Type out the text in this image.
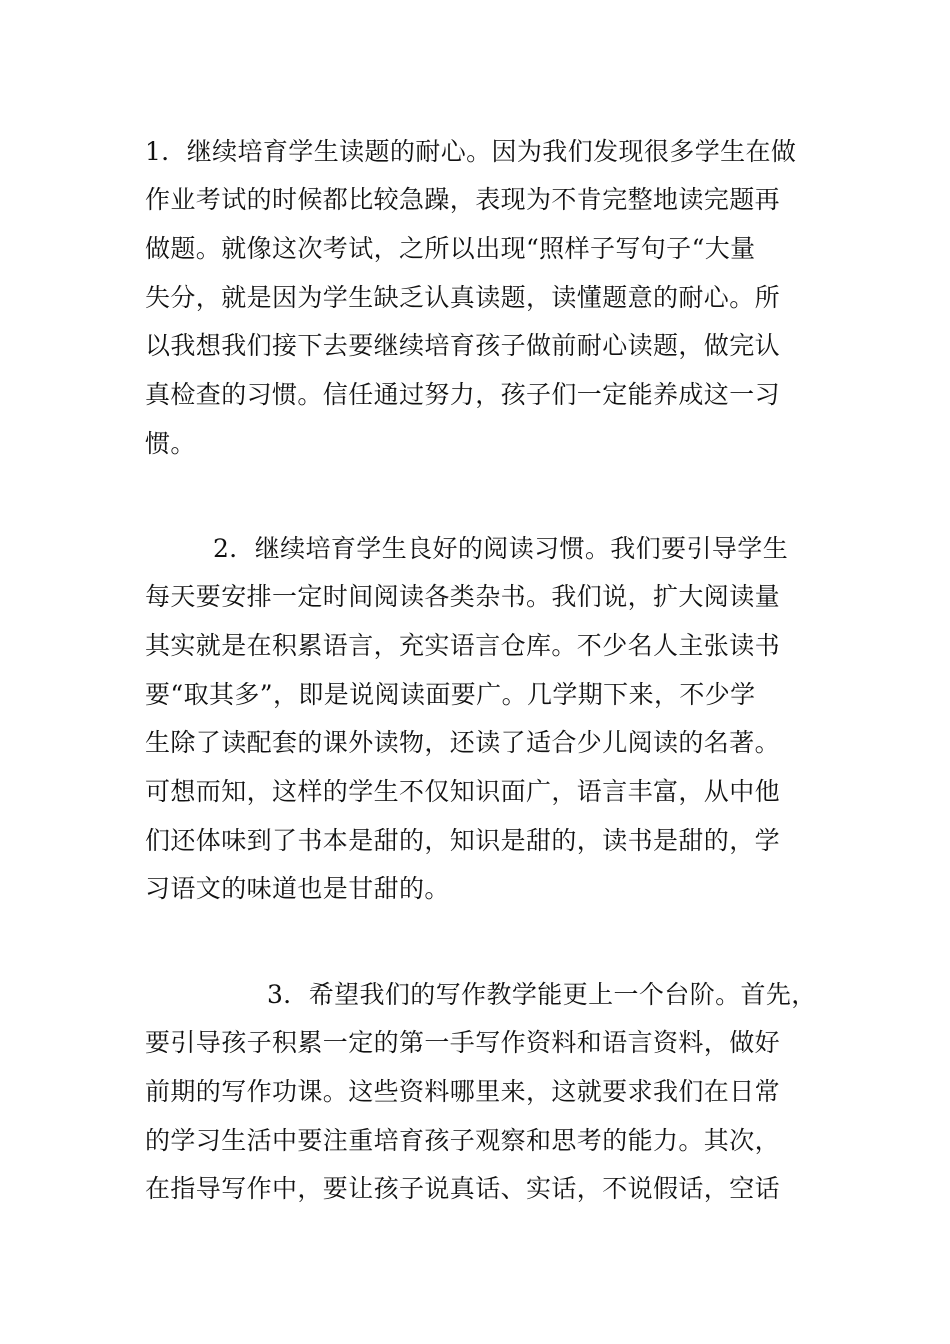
1．继续培育学生读题的耐心。因为我们发现很多学生在做

作业考试的时候都比较急躁，表现为不肯完整地读完题再

做题。就像这次考试，之所以出现“照样子写句子“大量

失分，就是因为学生缺乏认真读题，读懂题意的耐心。所

以我想我们接下去要继续培育孩子做前耐心读题，做完认

真检查的习惯。信任通过努力，孩子们一定能养成这一习

惯。

2．继续培育学生良好的阅读习惯。我们要引导学生

每天要安排一定时间阅读各类杂书。我们说，扩大阅读量

其实就是在积累语言，充实语言仓库。不少名人主张读书

要“取其多”，即是说阅读面要广。几学期下来，不少学

生除了读配套的课外读物，还读了适合少儿阅读的名著。

可想而知，这样的学生不仅知识面广，语言丰富，从中他

们还体味到了书本是甜的，知识是甜的，读书是甜的，学

习语文的味道也是甘甜的。

3．希望我们的写作教学能更上一个台阶。首先，

要引导孩子积累一定的第一手写作资料和语言资料，做好

前期的写作功课。这些资料哪里来，这就要求我们在日常

的学习生活中要注重培育孩子观察和思考的能力。其次，

在指导写作中，要让孩子说真话、实话，不说假话，空话
